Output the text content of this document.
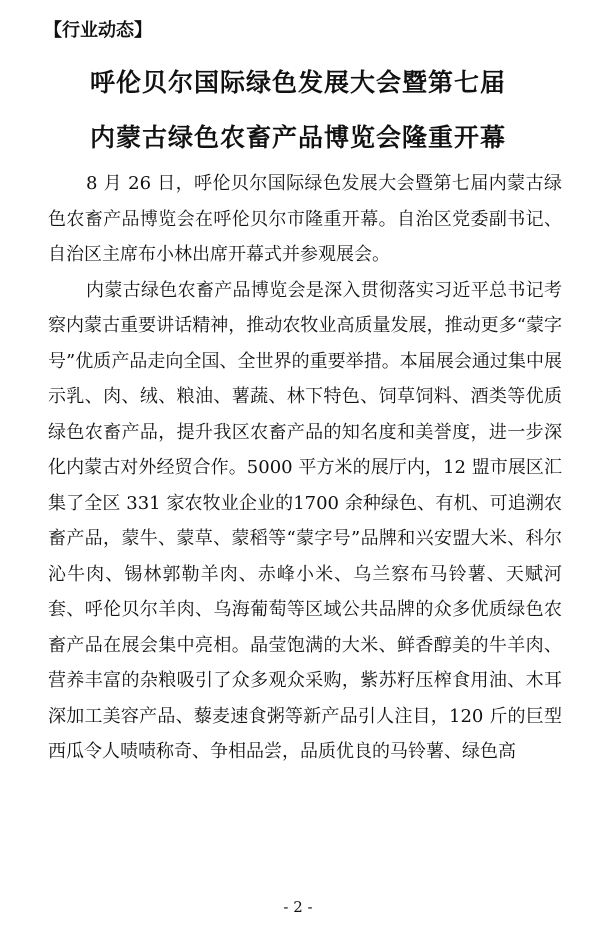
【行业动态】
呼伦贝尔国际绿色发展大会暨第七届
内蒙古绿色农畜产品博览会隆重开幕

8 月 26 日，呼伦贝尔国际绿色发展大会暨第七届内蒙古绿色农畜产品博览会在呼伦贝尔市隆重开幕。自治区党委副书记、自治区主席布小林出席开幕式并参观展会。

内蒙古绿色农畜产品博览会是深入贯彻落实习近平总书记考察内蒙古重要讲话精神，推动农牧业高质量发展，推动更多“蒙字号”优质产品走向全国、全世界的重要举措。本届展会通过集中展示乳、肉、绒、粮油、薯蔬、林下特色、饲草饲料、酒类等优质绿色农畜产品，提升我区农畜产品的知名度和美誉度，进一步深化内蒙古对外经贸合作。5000 平方米的展厅内，12 盟市展区汇集了全区 331 家农牧业企业的1700 余种绿色、有机、可追溯农畜产品，蒙牛、蒙草、蒙稻等“蒙字号”品牌和兴安盟大米、科尔沁牛肉、锡林郭勒羊肉、赤峰小米、乌兰察布马铃薯、天赋河套、呼伦贝尔羊肉、乌海葡萄等区域公共品牌的众多优质绿色农畜产品在展会集中亮相。晶莹饱满的大米、鲜香醇美的牛羊肉、营养丰富的杂粮吸引了众多观众采购，紫苏籽压榨食用油、木耳深加工美容产品、藜麦速食粥等新产品引人注目，120 斤的巨型西瓜令人啧啧称奇、争相品尝，品质优良的马铃薯、绿色高

- 2 -
